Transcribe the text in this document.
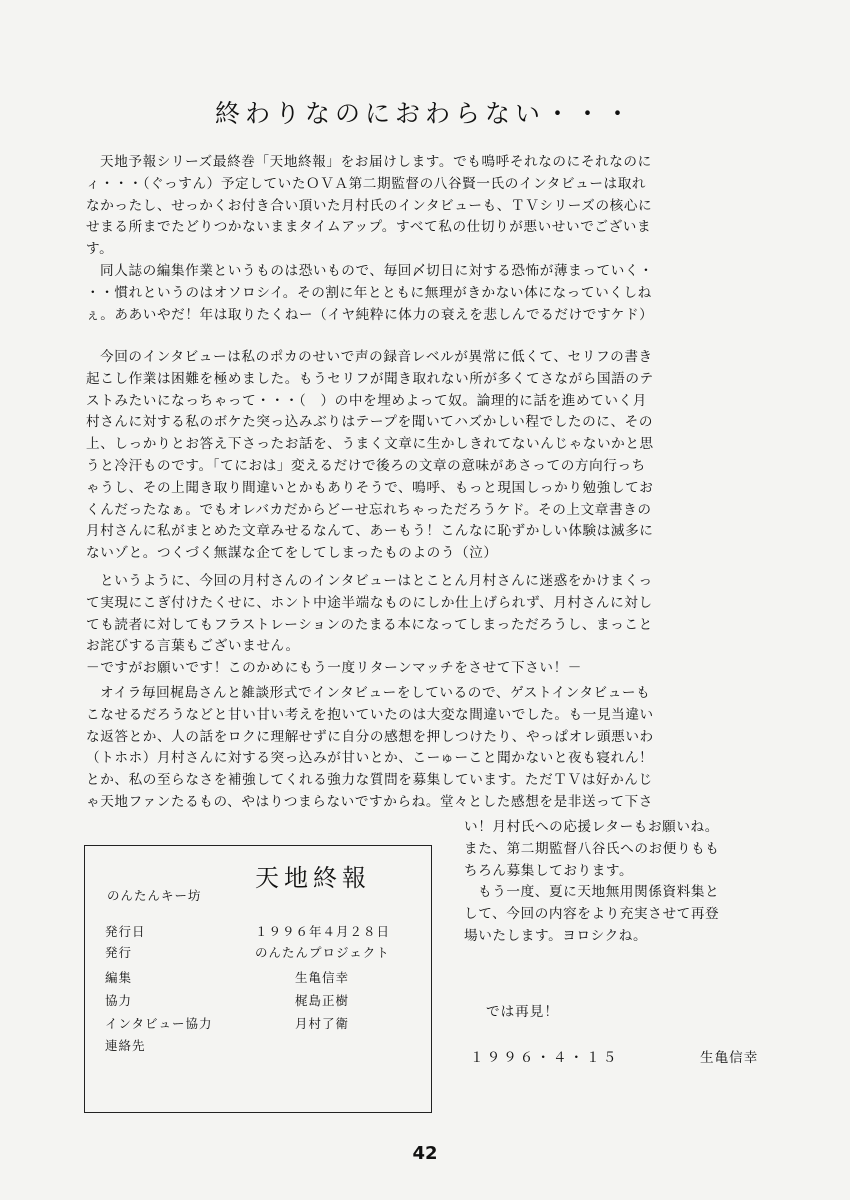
終わりなのにおわらない・・・

天地予報シリーズ最終巻「天地終報」をお届けします。でも鳴呼それなのにそれなのに
ィ・・・（ぐっすん）予定していたＯＶＡ第二期監督の八谷賢一氏のインタビューは取れ
なかったし、せっかくお付き合い頂いた月村氏のインタビューも、ＴＶシリーズの核心に
せまる所までたどりつかないままタイムアップ。すべて私の仕切りが悪いせいでございま
す。
同人誌の編集作業というものは恐いもので、毎回〆切日に対する恐怖が薄まっていく・
・・慣れというのはオソロシイ。その割に年とともに無理がきかない体になっていくしね
ぇ。ああいやだ！年は取りたくねー（イヤ純粋に体力の衰えを悲しんでるだけですケド）

今回のインタビューは私のポカのせいで声の録音レベルが異常に低くて、セリフの書き
起こし作業は困難を極めました。もうセリフが聞き取れない所が多くてさながら国語のテ
ストみたいになっちゃって・・・（　）の中を埋めよって奴。論理的に話を進めていく月
村さんに対する私のボケた突っ込みぶりはテープを聞いてハズかしい程でしたのに、その
上、しっかりとお答え下さったお話を、うまく文章に生かしきれてないんじゃないかと思
うと冷汗ものです。「てにおは」変えるだけで後ろの文章の意味があさっての方向行っち
ゃうし、その上聞き取り間違いとかもありそうで、鳴呼、もっと現国しっかり勉強してお
くんだったなぁ。でもオレバカだからどーせ忘れちゃっただろうケド。その上文章書きの
月村さんに私がまとめた文章みせるなんて、あーもう！こんなに恥ずかしい体験は滅多に
ないゾと。つくづく無謀な企てをしてしまったものよのう（泣）

というように、今回の月村さんのインタビューはとことん月村さんに迷惑をかけまくっ
て実現にこぎ付けたくせに、ホント中途半端なものにしか仕上げられず、月村さんに対し
ても読者に対してもフラストレーションのたまる本になってしまっただろうし、まっこと
お詫びする言葉もございません。
－ですがお願いです！このかめにもう一度リターンマッチをさせて下さい！－

オイラ毎回梶島さんと雑談形式でインタビューをしているので、ゲストインタビューも
こなせるだろうなどと甘い甘い考えを抱いていたのは大変な間違いでした。も一見当違い
な返答とか、人の話をロクに理解せずに自分の感想を押しつけたり、やっぱオレ頭悪いわ
（トホホ）月村さんに対する突っ込みが甘いとか、こーゅーこと聞かないと夜も寝れん！
とか、私の至らなさを補強してくれる強力な質問を募集しています。ただＴＶは好かんじ
ゃ天地ファンたるもの、やはりつまらないですからね。堂々とした感想を是非送って下さ

い！月村氏への応援レターもお願いね。
また、第二期監督八谷氏へのお便りもも
ちろん募集しております。
もう一度、夏に天地無用関係資料集と
して、今回の内容をより充実させて再登
場いたします。ヨロシクね。

のんたんキー坊
天地終報
発行日	１９９６年４月２８日
発行	のんたんプロジェクト
編集	生亀信幸
協力	梶島正樹
インタビュー協力	月村了衛
連絡先
では再見！
１９９６・４・１５	生亀信幸
42
